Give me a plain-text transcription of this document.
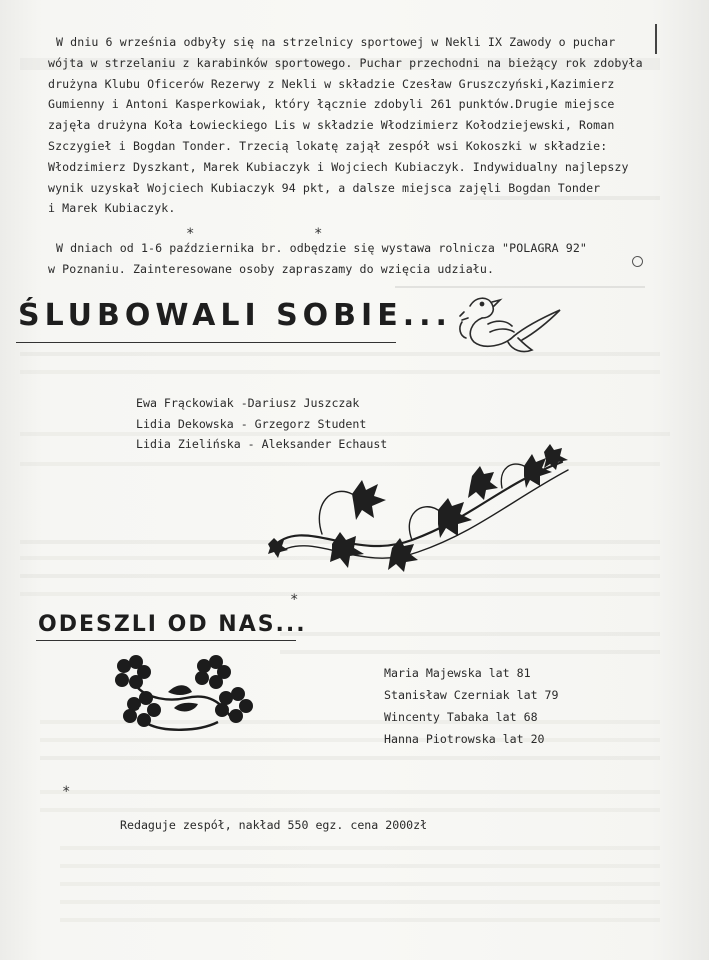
W dniu 6 września odbyły się na strzelnicy sportowej w Nekli IX Zawody o puchar
wójta w strzelaniu z karabinków sportowego. Puchar przechodni na bieżący rok zdobyła
drużyna Klubu Oficerów Rezerwy z Nekli w składzie Czesław Gruszczyński,Kazimierz
Gumienny i Antoni Kasperkowiak, który łącznie zdobyli 261 punktów.Drugie miejsce
zajęła drużyna Koła Łowieckiego Lis w składzie Włodzimierz Kołodziejewski, Roman
Szczygieł i Bogdan Tonder. Trzecią lokatę zajął zespół wsi Kokoszki w składzie:
Włodzimierz Dyszkant, Marek Kubiaczyk i Wojciech Kubiaczyk. Indywidualny najlepszy
wynik uzyskał Wojciech Kubiaczyk 94 pkt, a dalsze miejsca zajęli Bogdan Tonder
i Marek Kubiaczyk.
*	*
W dniach od 1-6 października br. odbędzie się wystawa rolnicza "POLAGRA 92"
w Poznaniu. Zainteresowane osoby zapraszamy do wzięcia udziału.
ŚLUBOWALI SOBIE...
Ewa Frąckowiak -Dariusz Juszczak
Lidia Dekowska - Grzegorz Student
Lidia Zielińska - Aleksander Echaust
*
ODESZLI OD NAS...
Maria Majewska lat 81
Stanisław Czerniak lat 79
Wincenty Tabaka lat 68
Hanna Piotrowska lat 20
*
Redaguje zespół, nakład 550 egz. cena 2000zł
